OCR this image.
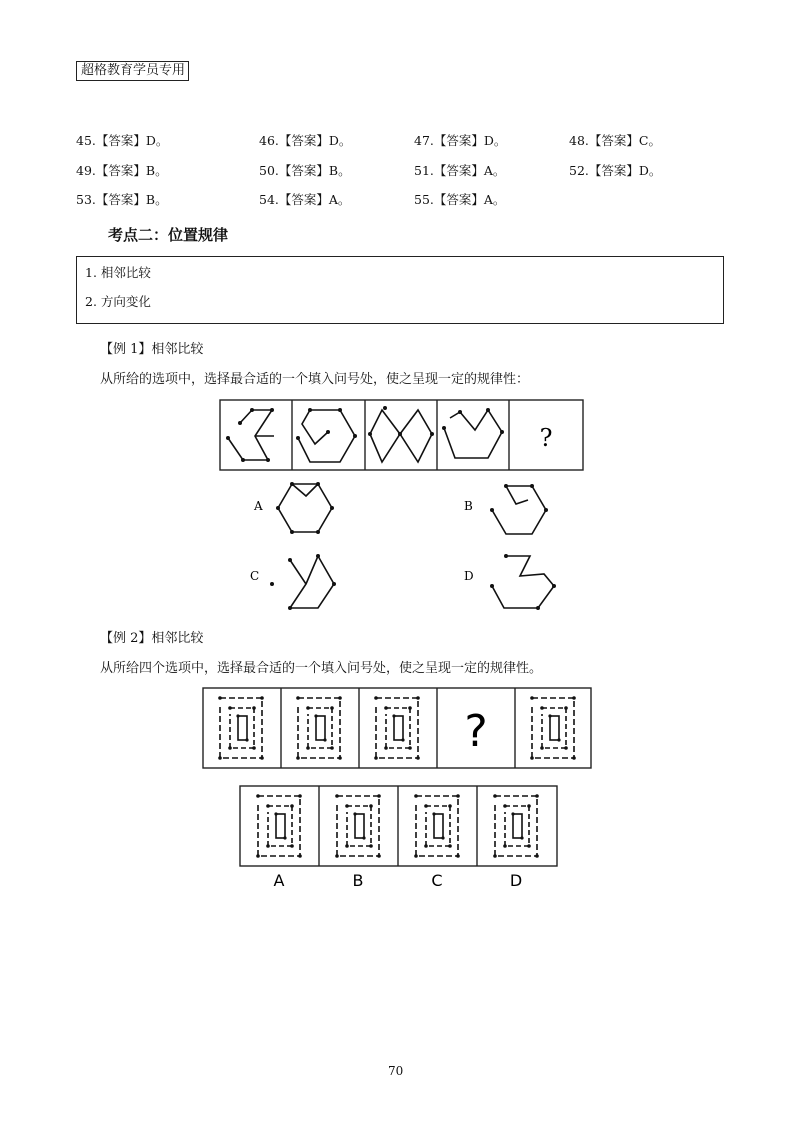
超格教育学员专用
45.【答案】D。	46.【答案】D。	47.【答案】D。	48.【答案】C。
49.【答案】B。	50.【答案】B。	51.【答案】A。	52.【答案】D。
53.【答案】B。	54.【答案】A。	55.【答案】A。
考点二：位置规律
1. 相邻比较
2. 方向变化
【例 1】相邻比较
从所给的选项中，选择最合适的一个填入问号处，使之呈现一定的规律性：
?
A	B
C	D
【例 2】相邻比较
从所给四个选项中，选择最合适的一个填入问号处，使之呈现一定的规律性。
?
A	B	C	D
70
